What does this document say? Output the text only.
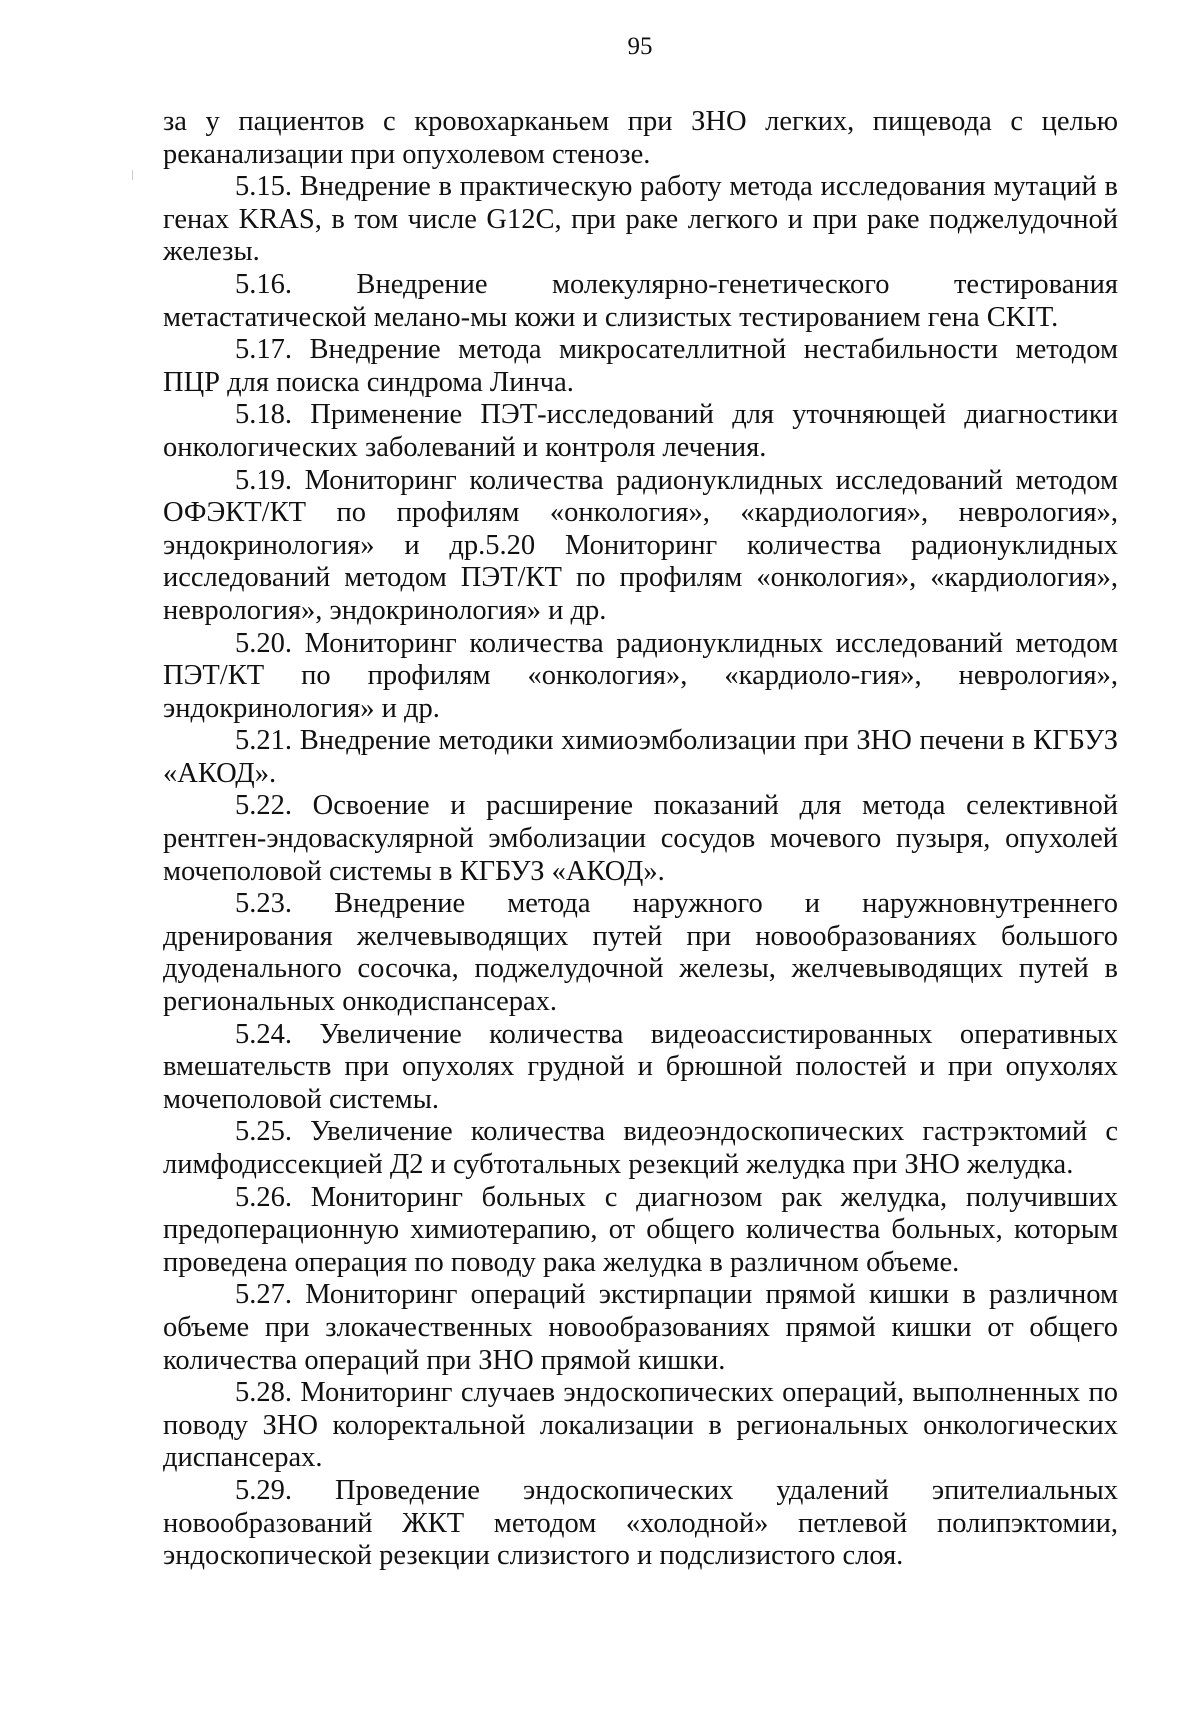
95

за у пациентов с кровохарканьем при ЗНО легких, пищевода с целью реканализации при опухолевом стенозе.

5.15. Внедрение в практическую работу метода исследования мутаций в генах KRAS, в том числе G12C, при раке легкого и при раке поджелудочной железы.

5.16. Внедрение молекулярно-генетического тестирования метастатической мелано-мы кожи и слизистых тестированием гена CKIT.

5.17. Внедрение метода микросателлитной нестабильности методом ПЦР для поиска синдрома Линча.

5.18. Применение ПЭТ-исследований для уточняющей диагностики онкологических заболеваний и контроля лечения.

5.19. Мониторинг количества радионуклидных исследований методом ОФЭКТ/КТ по профилям «онкология», «кардиология», неврология», эндокринология» и др.5.20 Мониторинг количества радионуклидных исследований методом ПЭТ/КТ по профилям «онкология», «кардиология», неврология», эндокринология» и др.

5.20. Мониторинг количества радионуклидных исследований методом ПЭТ/КТ по профилям «онкология», «кардиоло-гия», неврология», эндокринология» и др.

5.21. Внедрение методики химиоэмболизации при ЗНО печени в КГБУЗ «АКОД».

5.22. Освоение и расширение показаний для метода селективной рентген-эндоваскулярной эмболизации сосудов мочевого пузыря, опухолей мочеполовой системы в КГБУЗ «АКОД».

5.23. Внедрение метода наружного и наружновнутреннего дренирования желчевыводящих путей при новообразованиях большого дуоденального сосочка, поджелудочной железы, желчевыводящих путей в региональных онкодиспансерах.

5.24. Увеличение количества видеоассистированных оперативных вмешательств при опухолях грудной и брюшной полостей и при опухолях мочеполовой системы.

5.25. Увеличение количества видеоэндоскопических гастрэктомий с лимфодиссекцией Д2 и субтотальных резекций желудка при ЗНО желудка.

5.26. Мониторинг больных с диагнозом рак желудка, получивших предоперационную химиотерапию, от общего количества больных, которым проведена операция по поводу рака желудка в различном объеме.

5.27. Мониторинг операций экстирпации прямой кишки в различном объеме при злокачественных новообразованиях прямой кишки от общего количества операций при ЗНО прямой кишки.

5.28. Мониторинг случаев эндоскопических операций, выполненных по поводу ЗНО колоректальной локализации в региональных онкологических диспансерах.

5.29. Проведение эндоскопических удалений эпителиальных новообразований ЖКТ методом «холодной» петлевой полипэктомии, эндоскопической резекции слизистого и подслизистого слоя.
